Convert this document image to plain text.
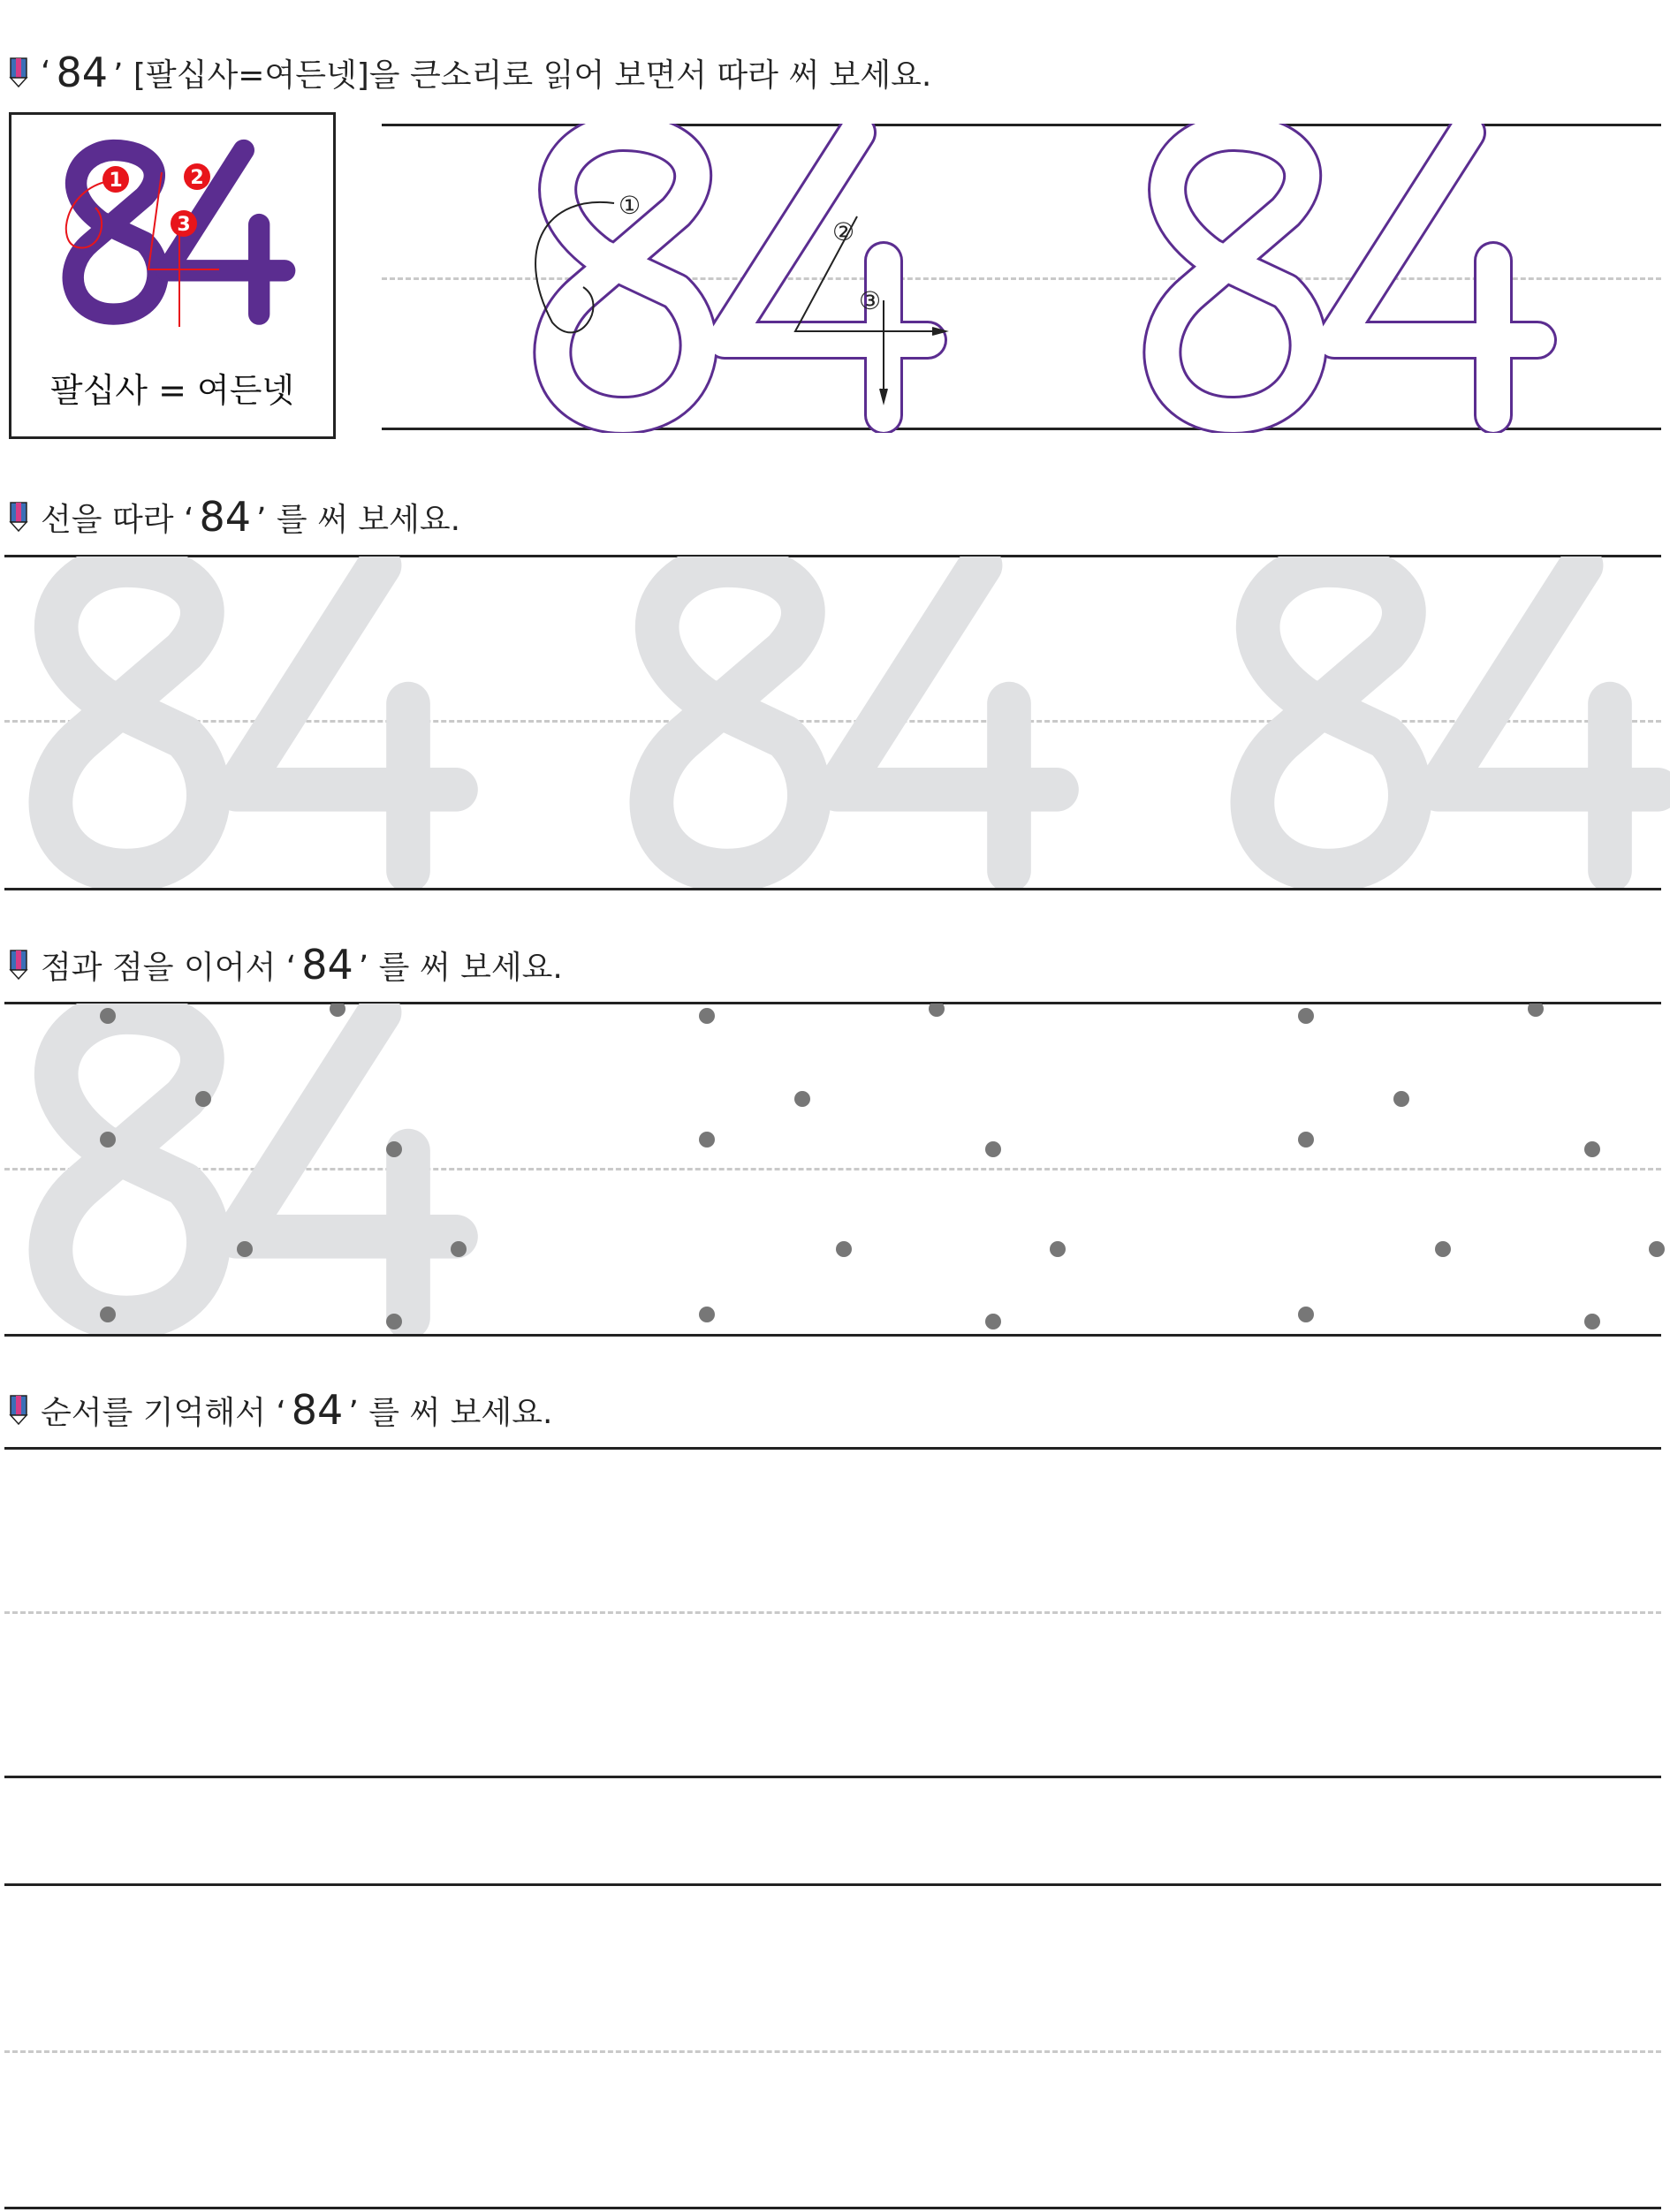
‘ 84 ’ [팔십사=여든넷]을 큰소리로 읽어 보면서 따라 써 보세요.
1	2
3
팔십사 = 여든넷
①
②
③
선을 따라 ‘ 84 ’ 를 써 보세요.
점과 점을 이어서 ‘ 84 ’ 를 써 보세요.
순서를 기억해서 ‘ 84 ’ 를 써 보세요.
